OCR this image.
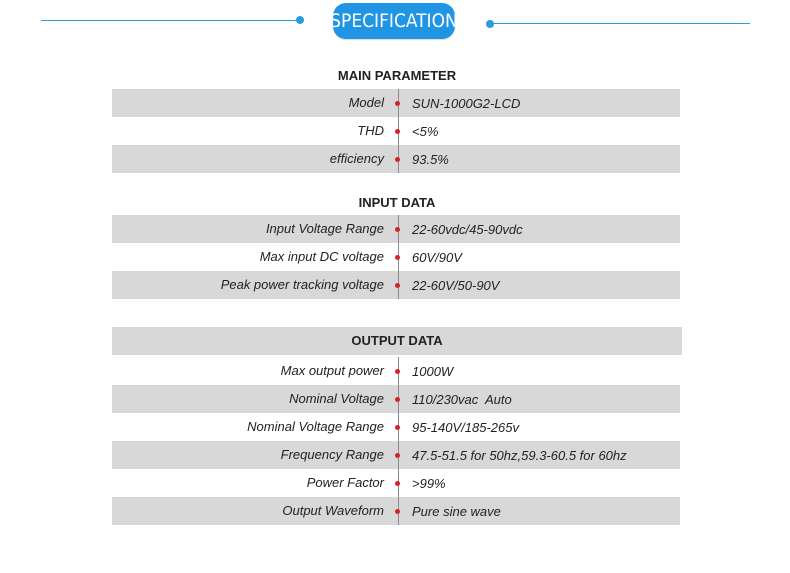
SPECIFICATION
MAIN PARAMETER
Model SUN-1000G2-LCD
THD <5%
efficiency 93.5%
INPUT DATA
Input Voltage Range 22-60vdc/45-90vdc
Max input DC voltage 60V/90V
Peak power tracking voltage 22-60V/50-90V
OUTPUT DATA
Max output power 1000W
Nominal Voltage 110/230vac  Auto
Nominal Voltage Range 95-140V/185-265v
Frequency Range 47.5-51.5 for 50hz,59.3-60.5 for 60hz
Power Factor >99%
Output Waveform Pure sine wave
